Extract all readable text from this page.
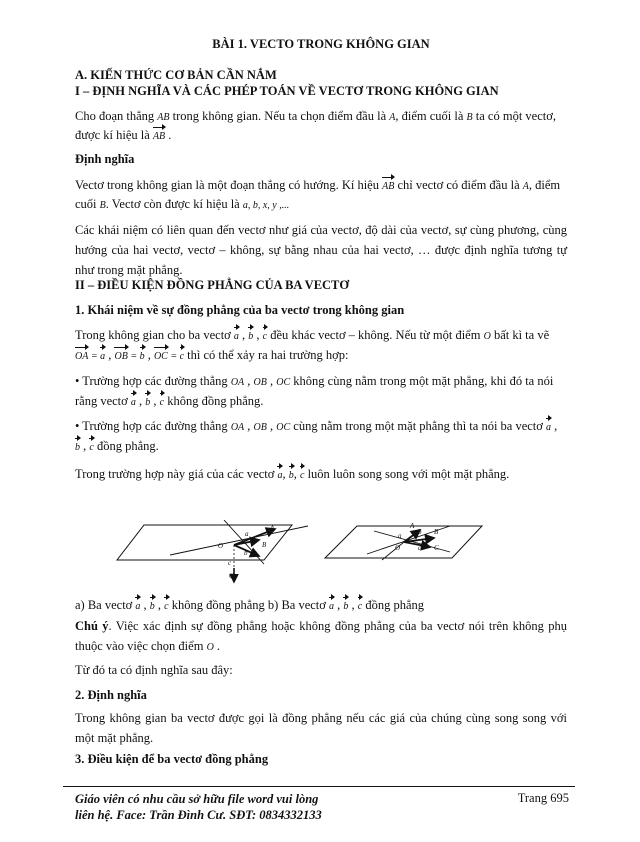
BÀI 1. VECTO TRONG KHÔNG GIAN
A. KIẾN THỨC CƠ BẢN CẦN NẮM
I – ĐỊNH NGHĨA VÀ CÁC PHÉP TOÁN VỀ VECTƠ TRONG KHÔNG GIAN
Cho đoạn thẳng AB trong không gian. Nếu ta chọn điểm đầu là A, điểm cuối là B ta có một vectơ,
được kí hiệu là AB .
Định nghĩa
Vectơ trong không gian là một đoạn thẳng có hướng. Kí hiệu AB chỉ vectơ có điểm đầu là A, điểm
cuối B. Vectơ còn được kí hiệu là a, b, x, y ,...
Các khái niệm có liên quan đến vectơ như giá của vectơ, độ dài của vectơ, sự cùng phương, cùng hướng của hai vectơ, vectơ – không, sự bằng nhau của hai vectơ, … được định nghĩa tương tự như trong mặt phẳng.
II – ĐIỀU KIỆN ĐỒNG PHẲNG CỦA BA VECTƠ
1. Khái niệm về sự đồng phẳng của ba vectơ trong không gian
Trong không gian cho ba vectơ a , b , c đều khác vectơ – không. Nếu từ một điểm O bất kì ta vẽ
OA = a , OB = b , OC = c thì có thể xảy ra hai trường hợp:
• Trường hợp các đường thẳng OA , OB , OC không cùng nằm trong một mặt phẳng, khi đó ta nói
rằng vectơ a , b , c không đồng phẳng.
• Trường hợp các đường thẳng OA , OB , OC cùng nằm trong một mặt phẳng thì ta nói ba vectơ a ,
b , c đồng phẳng.
Trong trường hợp này giá của các vectơ a, b, c luôn luôn song song với một mặt phẳng.
a) Ba vectơ a , b , c không đồng phẳng b) Ba vectơ a , b , c đồng phẳng
Chú ý. Việc xác định sự đồng phẳng hoặc không đồng phẳng của ba vectơ nói trên không phụ thuộc vào việc chọn điểm O .
Từ đó ta có định nghĩa sau đây:
2. Định nghĩa
Trong không gian ba vectơ được gọi là đồng phẳng nếu các giá của chúng cùng song song với một mặt phẳng.
3. Điều kiện để ba vectơ đồng phẳng
O
A
B
a
b
c
C
O
A
B
C
a b
c
Giáo viên có nhu cầu sở hữu file word vui lòng
liên hệ. Face: Trần Đình Cư. SĐT: 0834332133
Trang 695
